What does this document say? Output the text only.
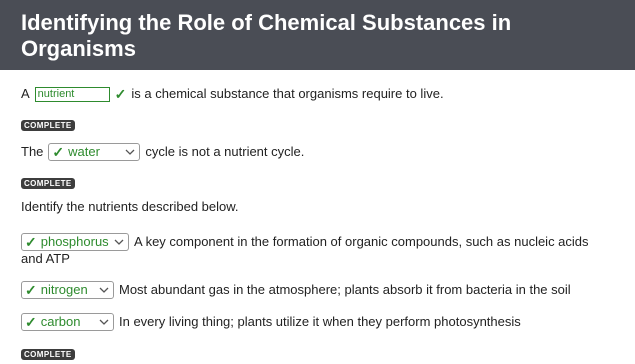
Identifying the Role of Chemical Substances in Organisms
A nutrient	✓ is a chemical substance that organisms require to live.
COMPLETE
The ✓ water	cycle is not a nutrient cycle.
COMPLETE
Identify the nutrients described below.
✓ phosphorus A key component in the formation of organic compounds, such as nucleic acids
and ATP
✓ nitrogen Most abundant gas in the atmosphere; plants absorb it from bacteria in the soil
✓ carbon	In every living thing; plants utilize it when they perform photosynthesis
COMPLETE
